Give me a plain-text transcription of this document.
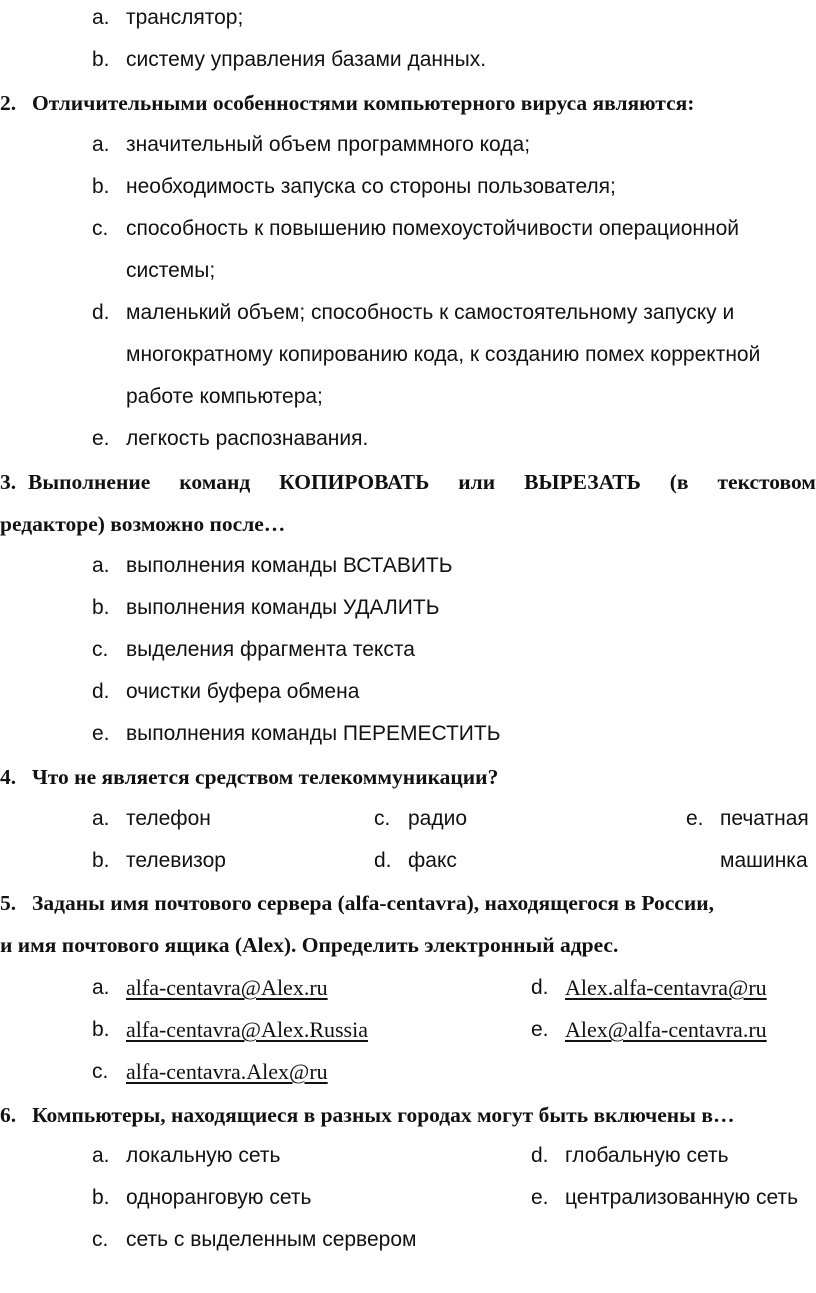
a. транслятор;
b. систему управления базами данных.
2. Отличительными особенностями компьютерного вируса являются:
a. значительный объем программного кода;
b. необходимость запуска со стороны пользователя;
c. способность к повышению помехоустойчивости операционной
системы;
d. маленький объем; способность к самостоятельному запуску и
многократному копированию кода, к созданию помех корректной
работе компьютера;
e. легкость распознавания.
3. Выполнение команд КОПИРОВАТЬ или ВЫРЕЗАТЬ (в текстовом
редакторе) возможно после…
a. выполнения команды ВСТАВИТЬ
b. выполнения команды УДАЛИТЬ
c. выделения фрагмента текста
d. очистки буфера обмена
e. выполнения команды ПЕРЕМЕСТИТЬ
4. Что не является средством телекоммуникации?
a. телефон
b. телевизор
c. радио
d. факс
e. печатная
машинка
5. Заданы имя почтового сервера (alfa-centavra), находящегося в России,
и имя почтового ящика (Alex). Определить электронный адрес.
a. alfa-centavra@Alex.ru
b. alfa-centavra@Alex.Russia
c. alfa-centavra.Alex@ru
d. Alex.alfa-centavra@ru
e. Alex@alfa-centavra.ru
6. Компьютеры, находящиеся в разных городах могут быть включены в…
a. локальную сеть
b. одноранговую сеть
c. сеть с выделенным сервером
d. глобальную сеть
e. централизованную сеть
